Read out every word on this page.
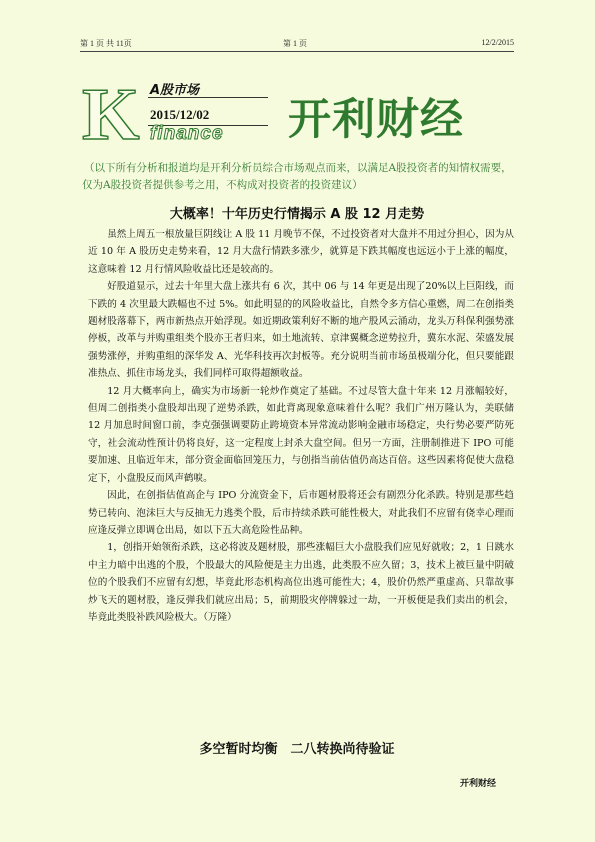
第 1 页 共 11页	第 1 页	12/2/2015
K A股市场
2015/12/02
finance 开利财经
（以下所有分析和报道均是开利分析员综合市场观点而来，以满足A股投资者的知情权需要，仅为A股投资者提供参考之用，不构成对投资者的投资建议）
大概率！十年历史行情揭示 A 股 12 月走势

虽然上周五一根放量巨阴线让 A 股 11 月晚节不保，不过投资者对大盘并不用过分担心，因为从近 10 年 A 股历史走势来看，12 月大盘行情跌多涨少，就算是下跌其幅度也远远小于上涨的幅度，这意味着 12 月行情风险收益比还是较高的。

好股道显示，过去十年里大盘上涨共有 6 次，其中 06 与 14 年更是出现了20%以上巨阳线，而下跌的 4 次里最大跌幅也不过 5%。如此明显的的风险收益比，自然令多方信心重燃，周二在创指类题材股落幕下，两市新热点开始浮现。如近期政策利好不断的地产股风云涌动，龙头万科保利强势涨停板，改革与并购重组类个股亦王者归来，如土地流转、京津翼概念逆势拉升，冀东水泥、荣盛发展强势涨停，并购重组的深华发 A、光华科技再次封板等。充分说明当前市场虽极端分化，但只要能跟准热点、抓住市场龙头，我们同样可取得超额收益。

12 月大概率向上，确实为市场新一轮炒作奠定了基础。不过尽管大盘十年来 12 月涨幅较好，但周二创指类小盘股却出现了逆势杀跌，如此背离现象意味着什么呢？我们广州万隆认为，美联储 12 月加息时间窗口前，李克强强调要防止跨境资本异常流动影响金融市场稳定，央行势必要严防死守，社会流动性预计仍将良好，这一定程度上封杀大盘空间。但另一方面，注册制推进下 IPO 可能要加速、且临近年末，部分资金面临回笼压力，与创指当前估值仍高达百倍。这些因素将促使大盘稳定下，小盘股反而风声鹤唳。

因此，在创指估值高企与 IPO 分流资金下，后市题材股将还会有剧烈分化杀跌。特别是那些趋势已转向、泡沫巨大与反抽无力逃类个股，后市持续杀跌可能性极大，对此我们不应留有侥幸心理而应逢反弹立即调仓出局，如以下五大高危险性品种。

1，创指开始领衔杀跌，这必将波及题材股，那些涨幅巨大小盘股我们应见好就收；2，1 日跳水中主力暗中出逃的个股，个股最大的风险便是主力出逃，此类股不应久留；3，技术上被巨量中阴破位的个股我们不应留有幻想，毕竟此形态机构高位出逃可能性大；4，股价仍然严重虚高、只靠故事炒飞天的题材股，逢反弹我们就应出局；5，前期股灾停牌躲过一劫，一开板便是我们卖出的机会，毕竟此类股补跌风险极大。（万隆）

多空暂时均衡　二八转换尚待验证
开利财经
